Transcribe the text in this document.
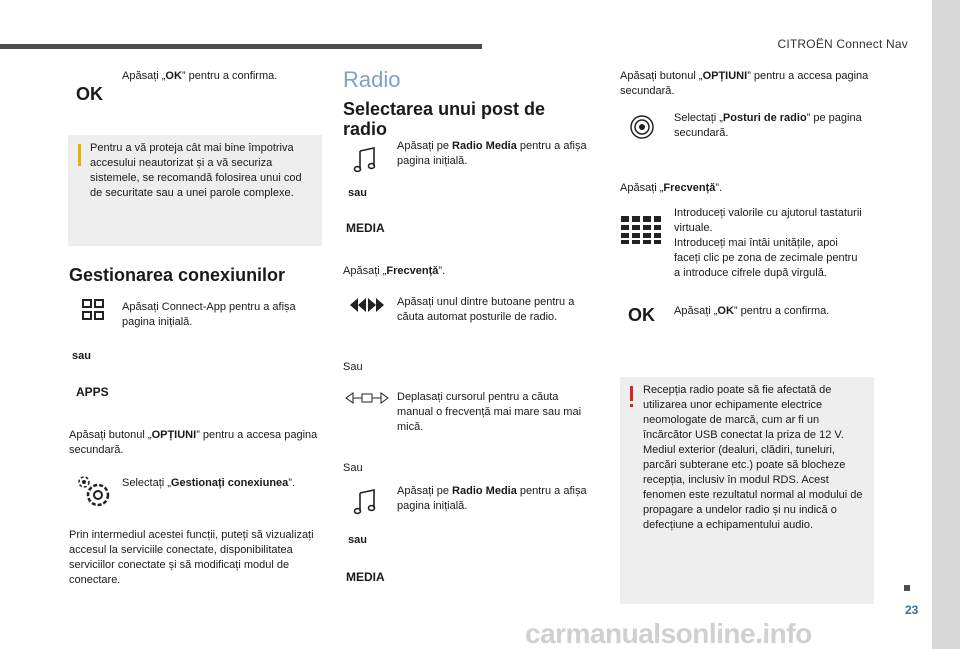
CITROËN Connect Nav
23
carmanualsonline.info
OK
Apăsați „OK” pentru a confirma.
Pentru a vă proteja cât mai bine împotriva accesului neautorizat și a vă securiza sistemele, se recomandă folosirea unui cod de securitate sau a unei parole complexe.
Gestionarea conexiunilor
Apăsați Connect-App pentru a afișa pagina inițială.
sau
APPS
Apăsați butonul „OPȚIUNI” pentru a accesa pagina secundară.
Selectați „Gestionați conexiunea”.
Prin intermediul acestei funcții, puteți să vizualizați accesul la serviciile conectate, disponibilitatea serviciilor conectate și să modificați modul de conectare.
Radio
Selectarea unui post de radio
Apăsați pe Radio Media pentru a afișa pagina inițială.
sau
MEDIA
Apăsați „Frecvență”.
Apăsați unul dintre butoane pentru a căuta automat posturile de radio.
Sau
Deplasați cursorul pentru a căuta manual o frecvență mai mare sau mai mică.
Sau
Apăsați pe Radio Media pentru a afișa pagina inițială.
sau
MEDIA
Apăsați butonul „OPȚIUNI” pentru a accesa pagina secundară.
Selectați „Posturi de radio” pe pagina secundară.
Apăsați „Frecvență”.
Introduceți valorile cu ajutorul tastaturii virtuale.
Introduceți mai întâi unitățile, apoi faceți clic pe zona de zecimale pentru a introduce cifrele după virgulă.
OK Apăsați „OK” pentru a confirma.
Recepția radio poate să fie afectată de utilizarea unor echipamente electrice neomologate de marcă, cum ar fi un încărcător USB conectat la priza de 12 V. Mediul exterior (dealuri, clădiri, tuneluri, parcări subterane etc.) poate să blocheze recepția, inclusiv în modul RDS. Acest fenomen este rezultatul normal al modului de propagare a undelor radio și nu indică o defecțiune a echipamentului audio.
